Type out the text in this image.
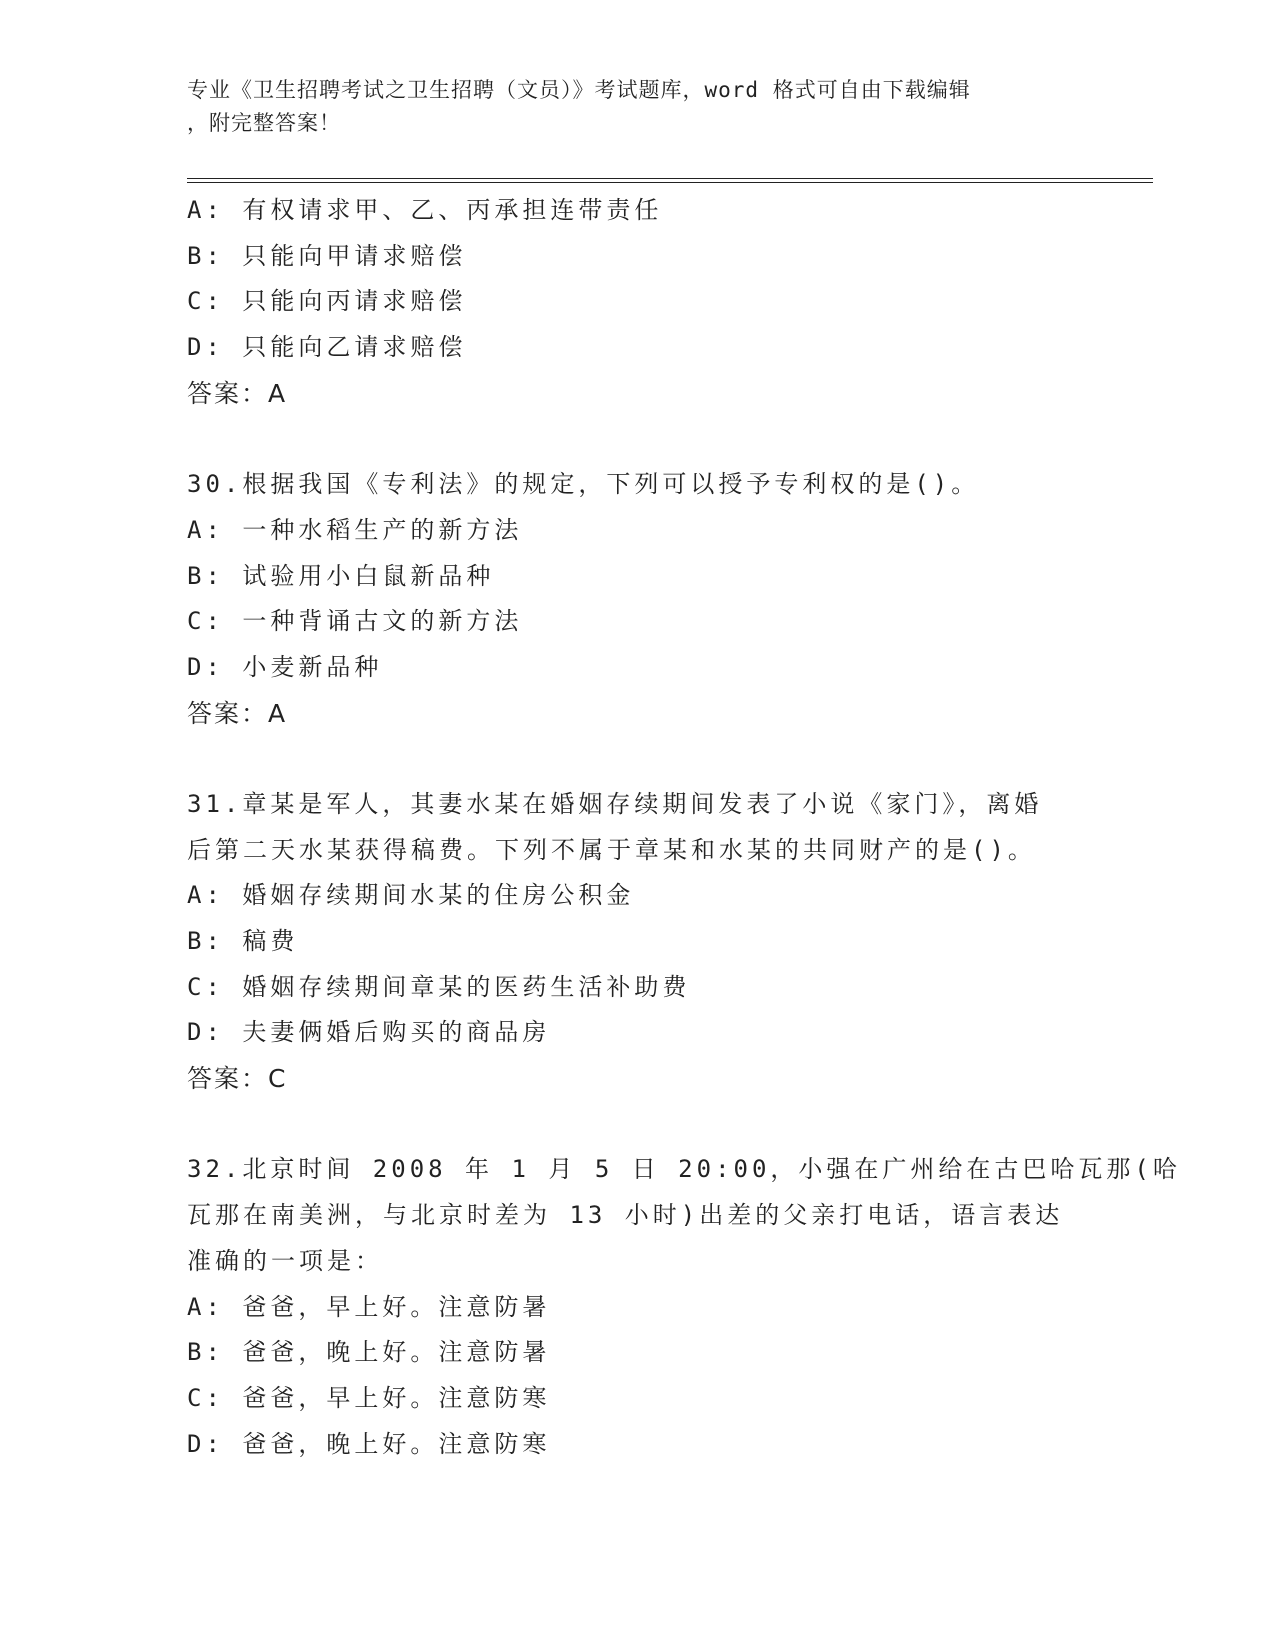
专业《卫生招聘考试之卫生招聘（文员）》考试题库，word 格式可自由下载编辑
，附完整答案！
A: 有权请求甲、乙、丙承担连带责任
B: 只能向甲请求赔偿
C: 只能向丙请求赔偿
D: 只能向乙请求赔偿
答案：A
30.根据我国《专利法》的规定，下列可以授予专利权的是()。
A: 一种水稻生产的新方法
B: 试验用小白鼠新品种
C: 一种背诵古文的新方法
D: 小麦新品种
答案：A
31.章某是军人，其妻水某在婚姻存续期间发表了小说《家门》，离婚
后第二天水某获得稿费。下列不属于章某和水某的共同财产的是()。
A: 婚姻存续期间水某的住房公积金
B: 稿费
C: 婚姻存续期间章某的医药生活补助费
D: 夫妻俩婚后购买的商品房
答案：C
32.北京时间 2008 年 1 月 5 日 20:00，小强在广州给在古巴哈瓦那(哈
瓦那在南美洲，与北京时差为 13 小时)出差的父亲打电话，语言表达
准确的一项是：
A: 爸爸，早上好。注意防暑
B: 爸爸，晚上好。注意防暑
C: 爸爸，早上好。注意防寒
D: 爸爸，晚上好。注意防寒
